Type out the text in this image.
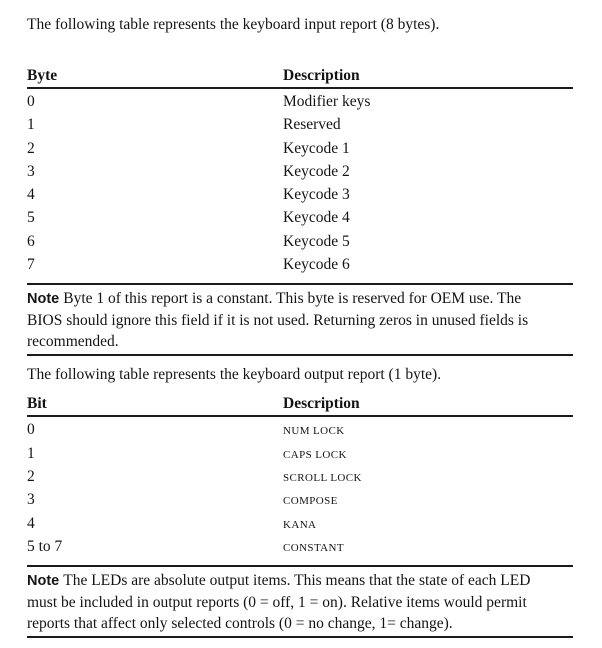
The following table represents the keyboard input report (8 bytes).
Byte	Description
0	Modifier keys
1	Reserved
2	Keycode 1
3	Keycode 2
4	Keycode 3
5	Keycode 4
6	Keycode 5
7	Keycode 6
Note Byte 1 of this report is a constant. This byte is reserved for OEM use. The
BIOS should ignore this field if it is not used. Returning zeros in unused fields is
recommended.
The following table represents the keyboard output report (1 byte).
Bit	Description
0	NUM LOCK
1	CAPS LOCK
2	SCROLL LOCK
3	COMPOSE
4	KANA
5 to 7	CONSTANT
Note The LEDs are absolute output items. This means that the state of each LED
must be included in output reports (0 = off, 1 = on). Relative items would permit
reports that affect only selected controls (0 = no change, 1= change).
